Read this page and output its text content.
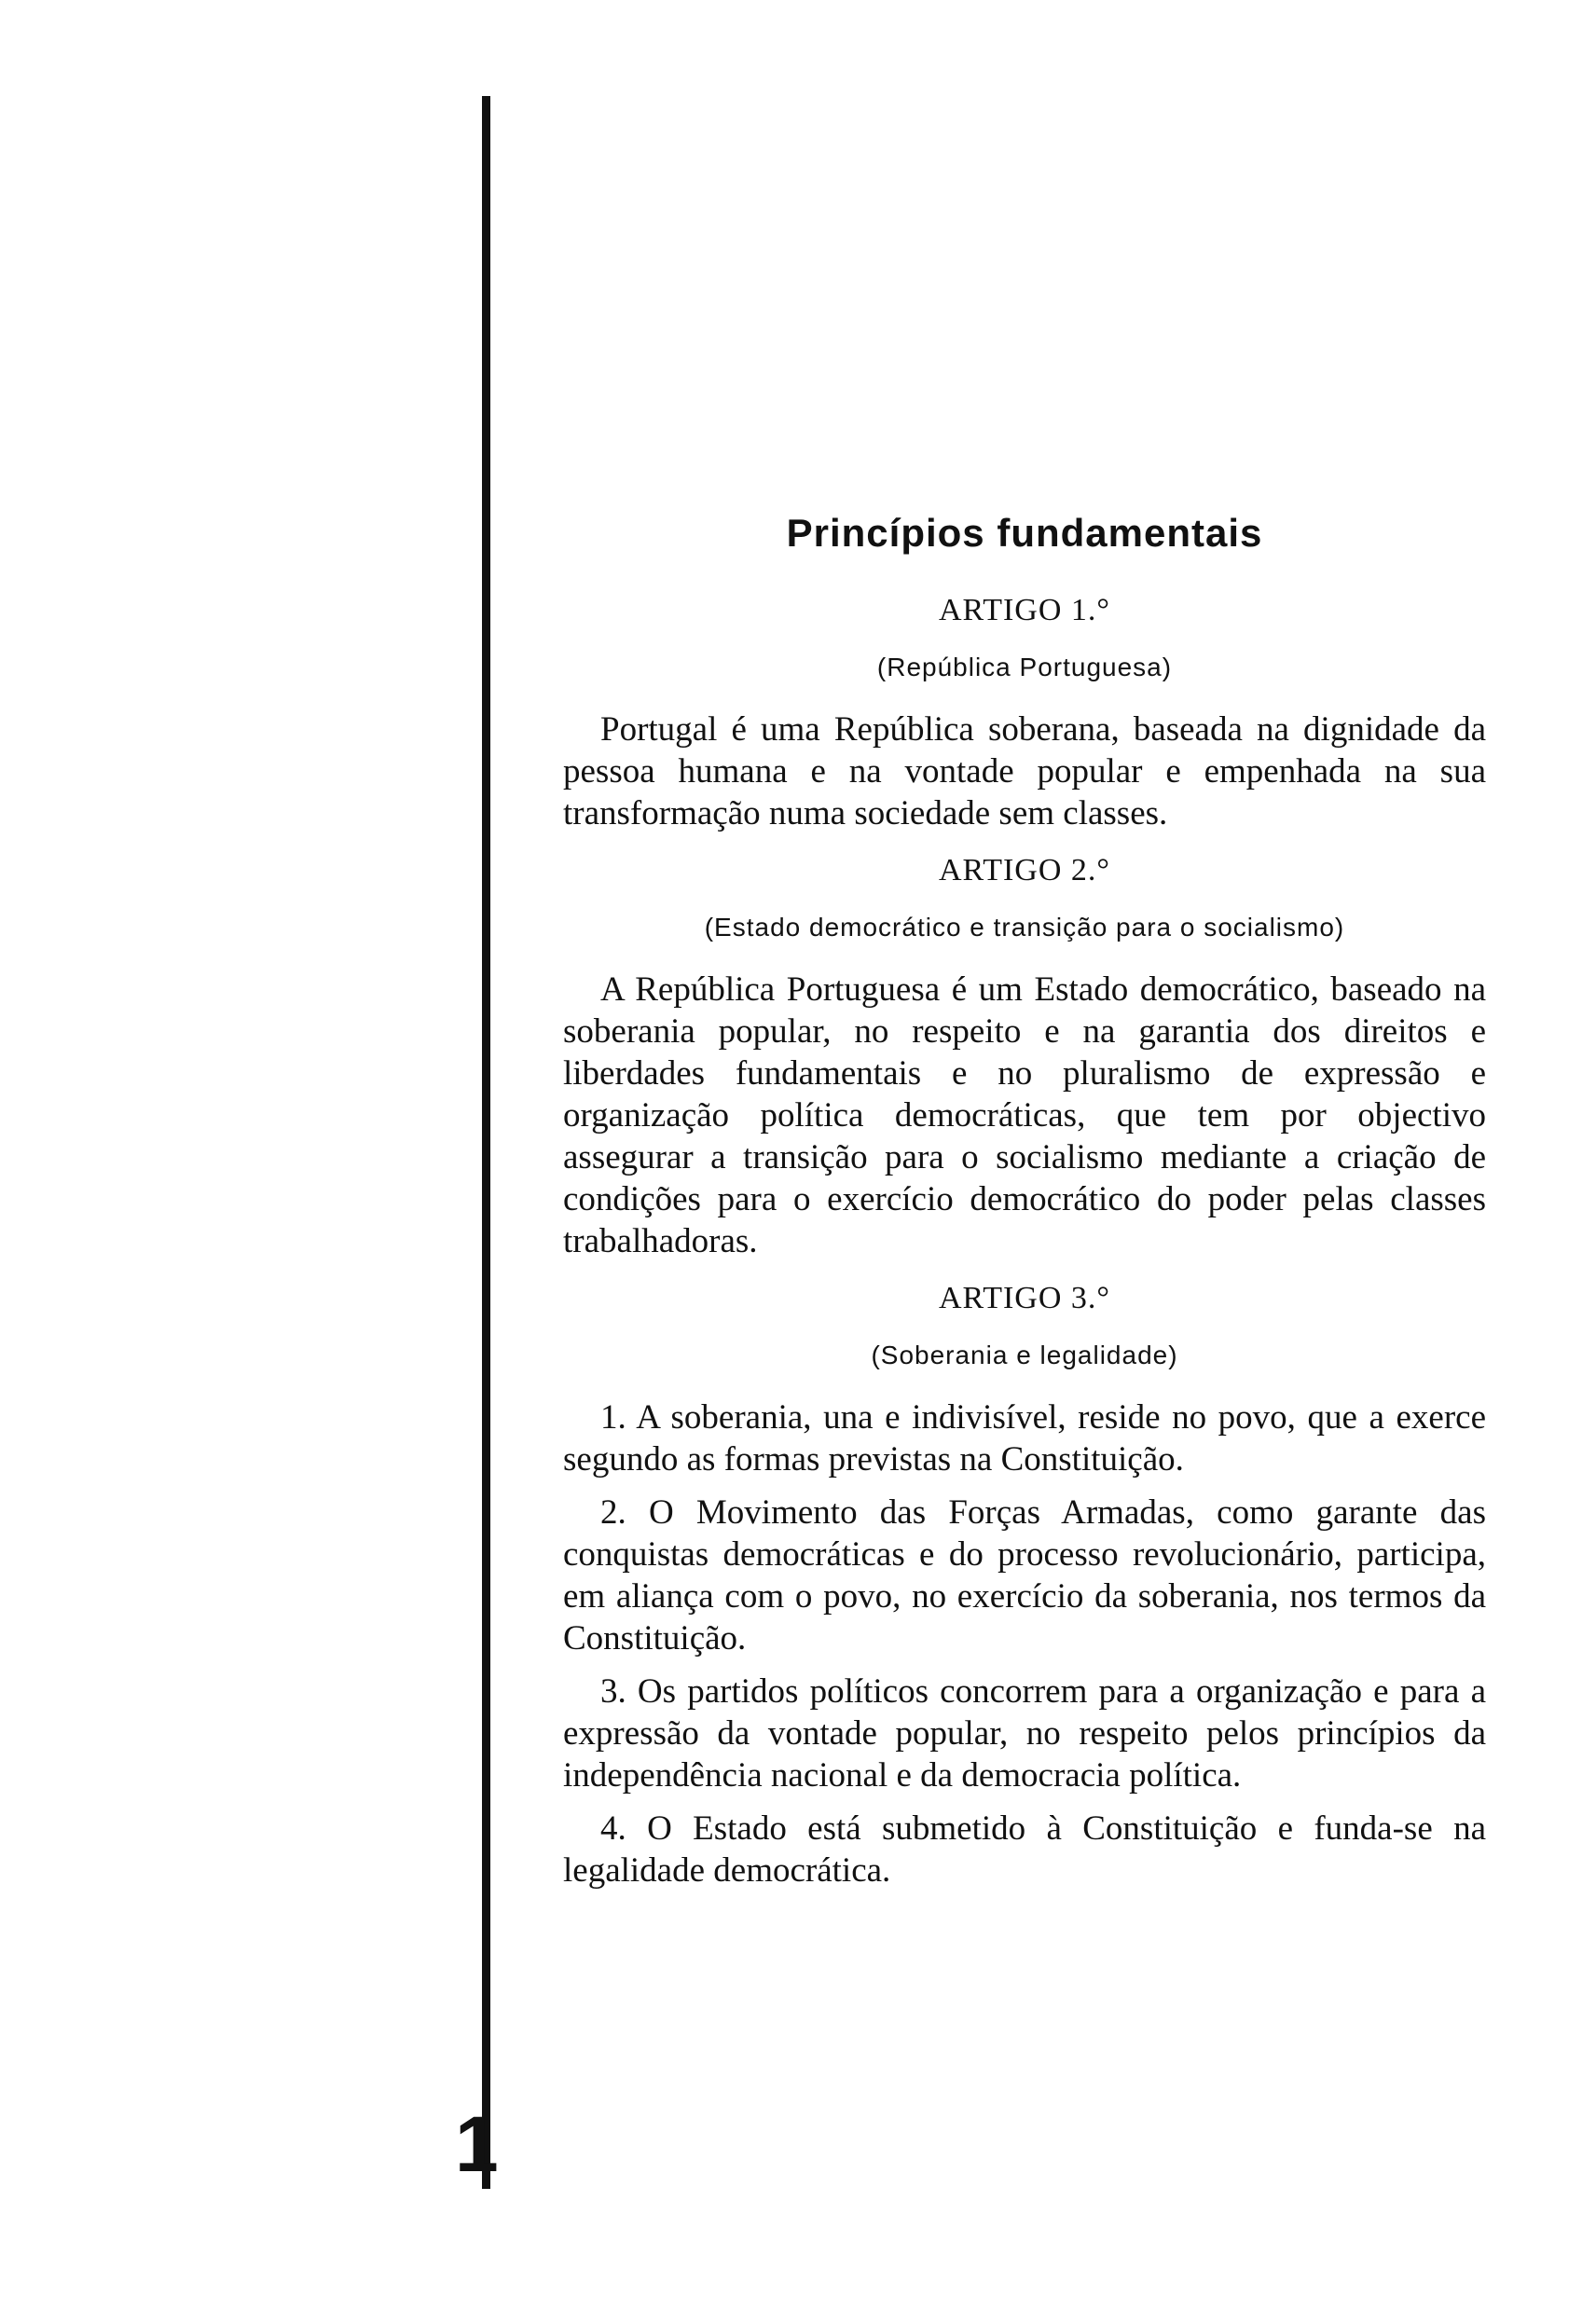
1
Princípios fundamentais
ARTIGO 1.°
(República Portuguesa)

Portugal é uma República soberana, baseada na dignidade da pessoa humana e na vontade popular e empenhada na sua transformação numa sociedade sem classes.

ARTIGO 2.°
(Estado democrático e transição para o socialismo)

A República Portuguesa é um Estado democrático, baseado na soberania popular, no respeito e na garantia dos direitos e liberdades fundamentais e no pluralismo de expressão e organização política democráticas, que tem por objectivo assegurar a transição para o socialismo mediante a criação de condições para o exercício democrático do poder pelas classes trabalhadoras.

ARTIGO 3.°
(Soberania e legalidade)

1. A soberania, una e indivisível, reside no povo, que a exerce segundo as formas previstas na Constituição.

2. O Movimento das Forças Armadas, como garante das conquistas democráticas e do processo revolucionário, participa, em aliança com o povo, no exercício da soberania, nos termos da Constituição.

3. Os partidos políticos concorrem para a organização e para a expressão da vontade popular, no respeito pelos princípios da independência nacional e da democracia política.

4. O Estado está submetido à Constituição e funda-se na legalidade democrática.
